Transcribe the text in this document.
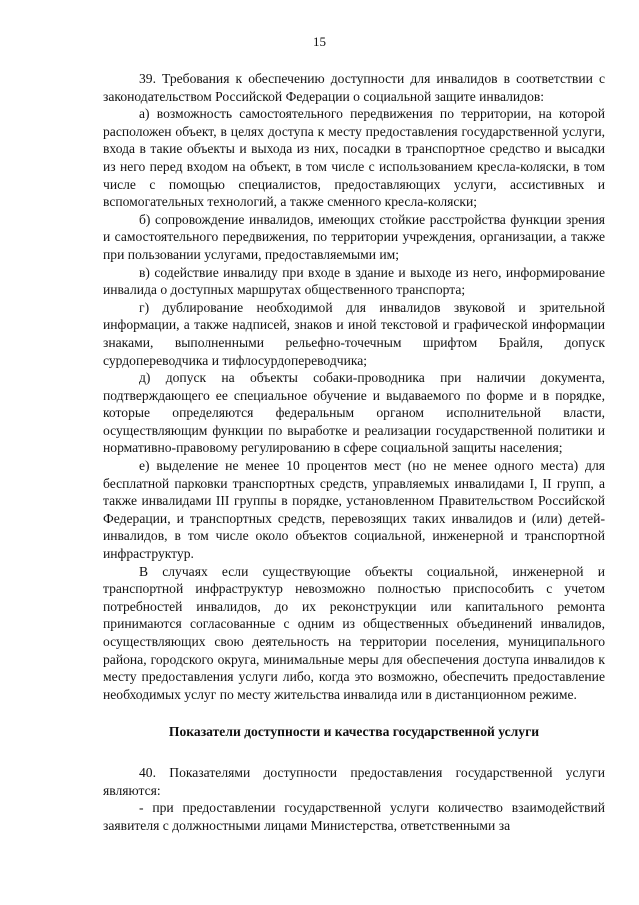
15

39. Требования к обеспечению доступности для инвалидов в соответствии с законодательством Российской Федерации о социальной защите инвалидов:

а) возможность самостоятельного передвижения по территории, на которой расположен объект, в целях доступа к месту предоставления государственной услуги, входа в такие объекты и выхода из них, посадки в транспортное средство и высадки из него перед входом на объект, в том числе с использованием кресла-коляски, в том числе с помощью специалистов, предоставляющих услуги, ассистивных и вспомогательных технологий, а также сменного кресла-коляски;

б) сопровождение инвалидов, имеющих стойкие расстройства функции зрения и самостоятельного передвижения, по территории учреждения, организации, а также при пользовании услугами, предоставляемыми им;

в) содействие инвалиду при входе в здание и выходе из него, информирование инвалида о доступных маршрутах общественного транспорта;

г) дублирование необходимой для инвалидов звуковой и зрительной информации, а также надписей, знаков и иной текстовой и графической информации знаками, выполненными рельефно-точечным шрифтом Брайля, допуск сурдопереводчика и тифлосурдопереводчика;

д) допуск на объекты собаки-проводника при наличии документа, подтверждающего ее специальное обучение и выдаваемого по форме и в порядке, которые определяются федеральным органом исполнительной власти, осуществляющим функции по выработке и реализации государственной политики и нормативно-правовому регулированию в сфере социальной защиты населения;

е) выделение не менее 10 процентов мест (но не менее одного места) для бесплатной парковки транспортных средств, управляемых инвалидами I, II групп, а также инвалидами III группы в порядке, установленном Правительством Российской Федерации, и транспортных средств, перевозящих таких инвалидов и (или) детей-инвалидов, в том числе около объектов социальной, инженерной и транспортной инфраструктур.

В случаях если существующие объекты социальной, инженерной и транспортной инфраструктур невозможно полностью приспособить с учетом потребностей инвалидов, до их реконструкции или капитального ремонта принимаются согласованные с одним из общественных объединений инвалидов, осуществляющих свою деятельность на территории поселения, муниципального района, городского округа, минимальные меры для обеспечения доступа инвалидов к месту предоставления услуги либо, когда это возможно, обеспечить предоставление необходимых услуг по месту жительства инвалида или в дистанционном режиме.

Показатели доступности и качества государственной услуги

40. Показателями доступности предоставления государственной услуги являются:

- при предоставлении государственной услуги количество взаимодействий заявителя с должностными лицами Министерства, ответственными за
